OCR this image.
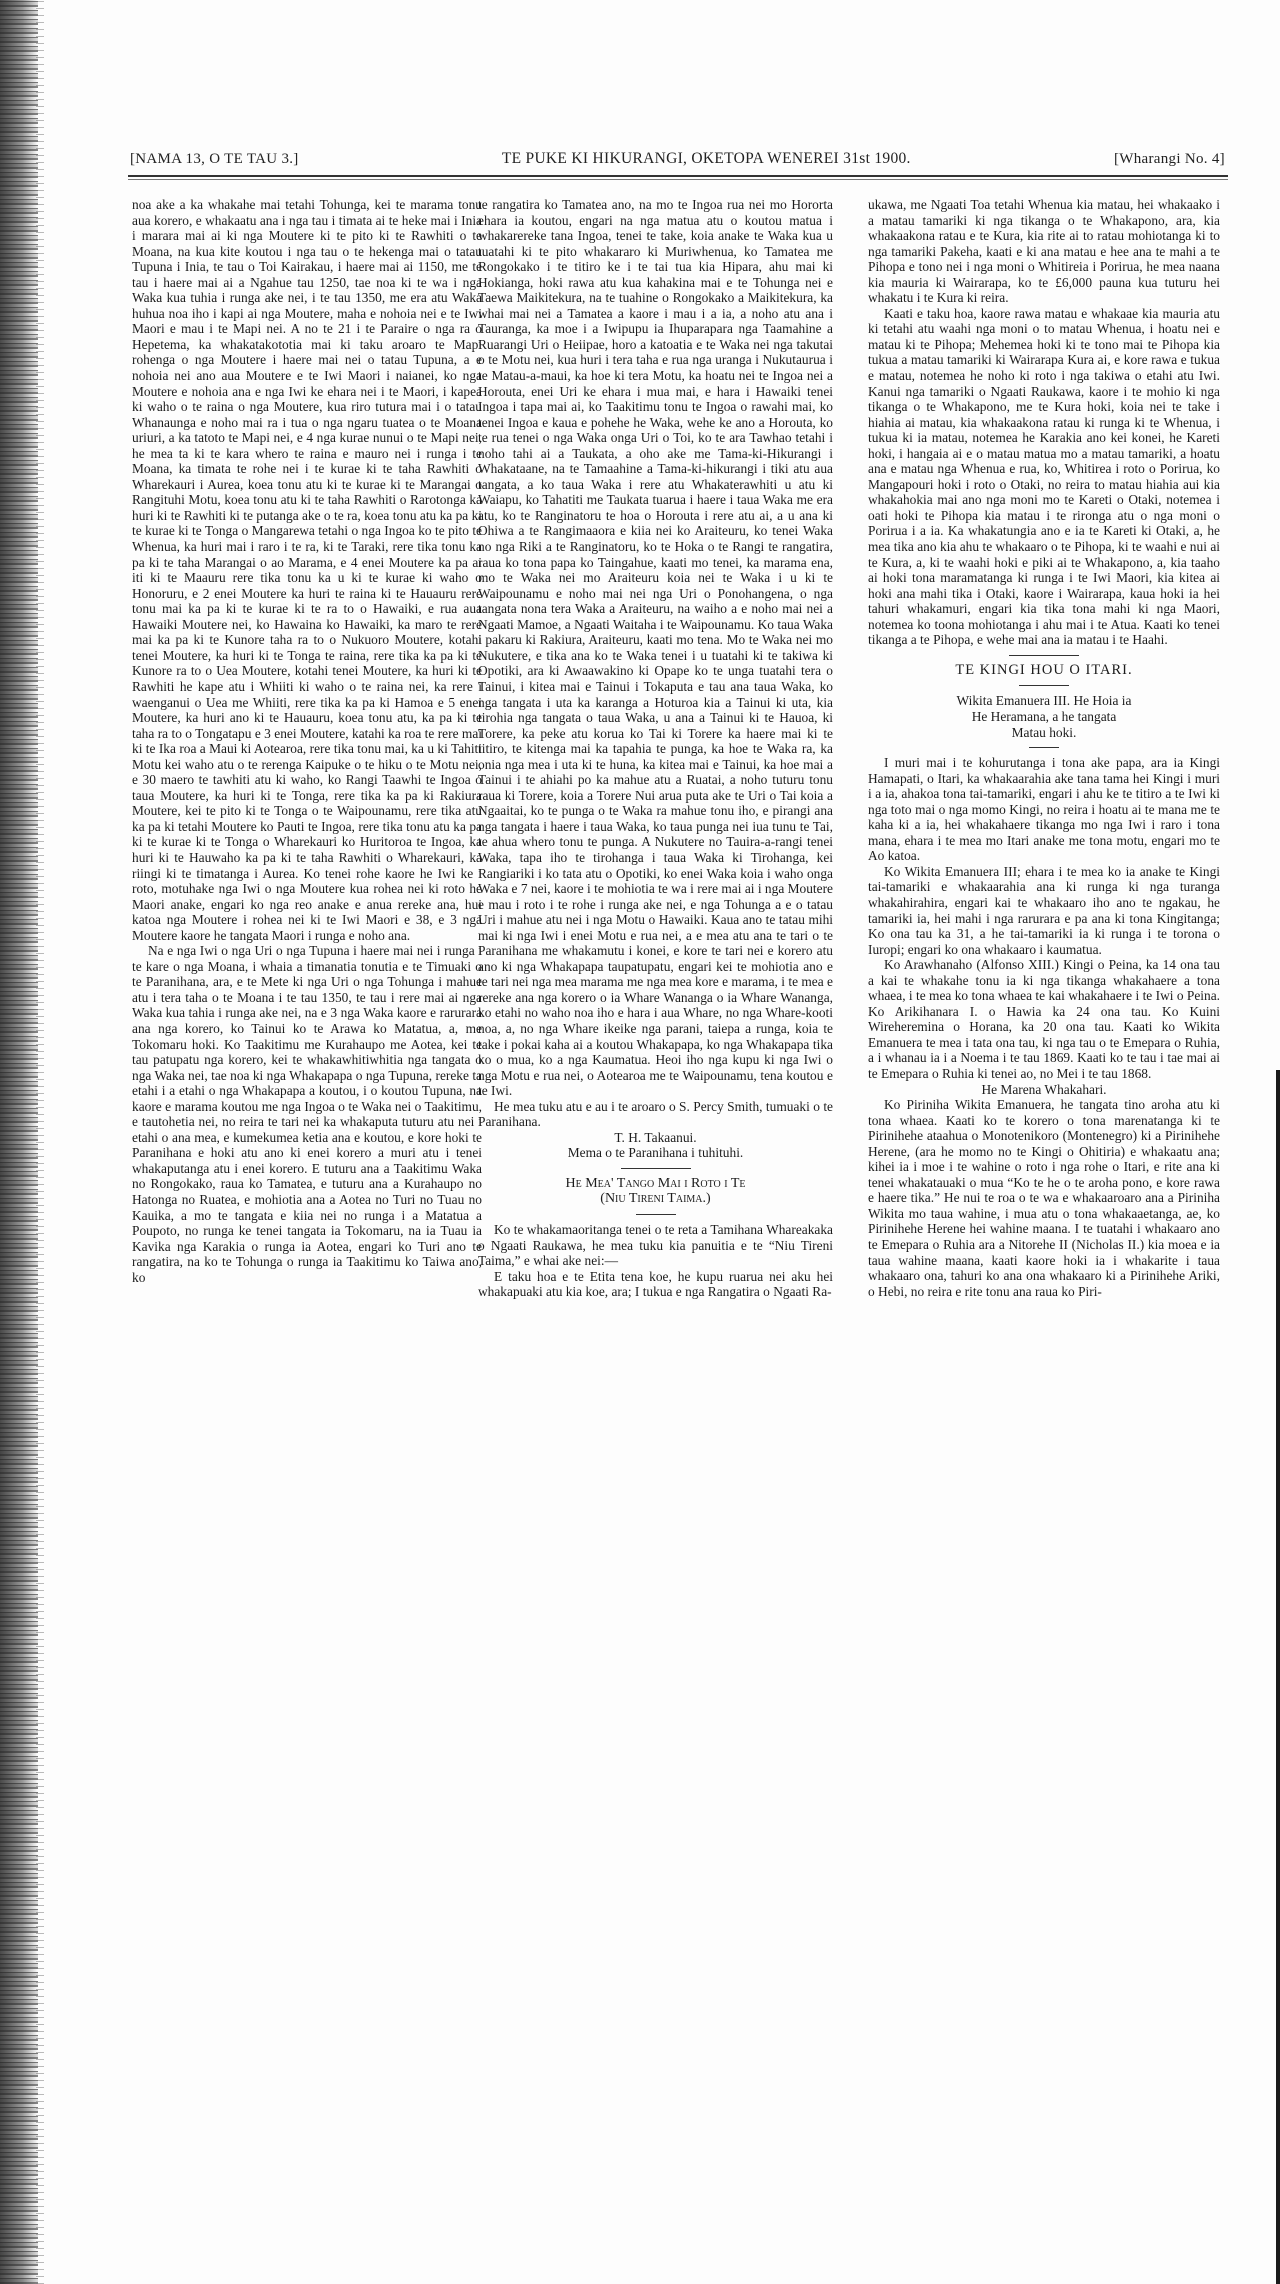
[NAMA 13, O TE TAU 3.]	TE PUKE KI HIKURANGI, OKETOPA WENEREI 31st 1900.	[Wharangi No. 4]

noa ake a ka whakahe mai tetahi Tohunga, kei te marama tonu aua korero, e whakaatu ana i nga tau i timata ai te heke mai i Inia i marara mai ai ki nga Moutere ki te pito ki te Rawhiti o te Moana, na kua kite koutou i nga tau o te hekenga mai o tatau Tupuna i Inia, te tau o Toi Kairakau, i haere mai ai 1150, me te tau i haere mai ai a Ngahue tau 1250, tae noa ki te wa i nga Waka kua tuhia i runga ake nei, i te tau 1350, me era atu Waka huhua noa iho i kapi ai nga Moutere, maha e nohoia nei e te Iwi Maori e mau i te Mapi nei. A no te 21 i te Paraire o nga ra o Hepetema, ka whakatakototia mai ki taku aroaro te Mapi rohenga o nga Moutere i haere mai nei o tatau Tupuna, a e nohoia nei ano aua Moutere e te Iwi Maori i naianei, ko nga Moutere e nohoia ana e nga Iwi ke ehara nei i te Maori, i kapea ki waho o te raina o nga Moutere, kua riro tutura mai i o tatau Whanaunga e noho mai ra i tua o nga ngaru tuatea o te Moana uriuri, a ka tatoto te Mapi nei, e 4 nga kurae nunui o te Mapi nei, he mea ta ki te kara whero te raina e mauro nei i runga i te Moana, ka timata te rohe nei i te kurae ki te taha Rawhiti o Wharekauri i Aurea, koea tonu atu ki te kurae ki te Marangai o Rangituhi Motu, koea tonu atu ki te taha Rawhiti o Rarotonga ka huri ki te Rawhiti ki te putanga ake o te ra, koea tonu atu ka pa ki te kurae ki te Tonga o Mangarewa tetahi o nga Ingoa ko te pito te Whenua, ka huri mai i raro i te ra, ki te Taraki, rere tika tonu ka pa ki te taha Marangai o ao Marama, e 4 enei Moutere ka pa ai iti ki te Maauru rere tika tonu ka u ki te kurae ki waho o Honoruru, e 2 enei Moutere ka huri te raina ki te Hauauru rere tonu mai ka pa ki te kurae ki te ra to o Hawaiki, e rua aua Hawaiki Moutere nei, ko Hawaina ko Hawaiki, ka maro te rere mai ka pa ki te Kunore taha ra to o Nukuoro Moutere, kotahi tenei Moutere, ka huri ki te Tonga te raina, rere tika ka pa ki te Kunore ra to o Uea Moutere, kotahi tenei Moutere, ka huri ki te Rawhiti he kape atu i Whiiti ki waho o te raina nei, ka rere i waenganui o Uea me Whiiti, rere tika ka pa ki Hamoa e 5 enei Moutere, ka huri ano ki te Hauauru, koea tonu atu, ka pa ki te taha ra to o Tongatapu e 3 enei Moutere, katahi ka roa te rere mai ki te Ika roa a Maui ki Aotearoa, rere tika tonu mai, ka u ki Tahiti Motu kei waho atu o te rerenga Kaipuke o te hiku o te Motu nei, e 30 maero te tawhiti atu ki waho, ko Rangi Taawhi te Ingoa o taua Moutere, ka huri ki te Tonga, rere tika ka pa ki Rakiura Moutere, kei te pito ki te Tonga o te Waipounamu, rere tika atu ka pa ki tetahi Moutere ko Pauti te Ingoa, rere tika tonu atu ka pa ki te kurae ki te Tonga o Wharekauri ko Huritoroa te Ingoa, ka huri ki te Hauwaho ka pa ki te taha Rawhiti o Wharekauri, ka riingi ki te timatanga i Aurea. Ko tenei rohe kaore he Iwi ke i roto, motuhake nga Iwi o nga Moutere kua rohea nei ki roto he Maori anake, engari ko nga reo anake e anua rereke ana, hui katoa nga Moutere i rohea nei ki te Iwi Maori e 38, e 3 nga Moutere kaore he tangata Maori i runga e noho ana.

Na e nga Iwi o nga Uri o nga Tupuna i haere mai nei i runga i te kare o nga Moana, i whaia a timanatia tonutia e te Timuaki o te Paranihana, ara, e te Mete ki nga Uri o nga Tohunga i mahue atu i tera taha o te Moana i te tau 1350, te tau i rere mai ai nga Waka kua tahia i runga ake nei, na e 3 nga Waka kaore e rarurara ana nga korero, ko Tainui ko te Arawa ko Matatua, a, me Tokomaru hoki. Ko Taakitimu me Kurahaupo me Aotea, kei te tau patupatu nga korero, kei te whakawhitiwhitia nga tangata o nga Waka nei, tae noa ki nga Whakapapa o nga Tupuna, rereke ta etahi i a etahi o nga Whakapapa a koutou, i o koutou Tupuna, na kaore e marama koutou me nga Ingoa o te Waka nei o Taakitimu, e tautohetia nei, no reira te tari nei ka whakaputa tuturu atu nei i etahi o ana mea, e kumekumea ketia ana e koutou, e kore hoki te Paranihana e hoki atu ano ki enei korero a muri atu i tenei whakaputanga atu i enei korero. E tuturu ana a Taakitimu Waka no Rongokako, raua ko Tamatea, e tuturu ana a Kurahaupo no Hatonga no Ruatea, e mohiotia ana a Aotea no Turi no Tuau no Kauika, a mo te tangata e kiia nei no runga i a Matatua a Poupoto, no runga ke tenei tangata ia Tokomaru, na ia Tuau ia Kavika nga Karakia o runga ia Aotea, engari ko Turi ano te rangatira, na ko te Tohunga o runga ia Taakitimu ko Taiwa ano, ko

te rangatira ko Tamatea ano, na mo te Ingoa rua nei mo Hororta ehara ia koutou, engari na nga matua atu o koutou matua i whakarereke tana Ingoa, tenei te take, koia anake te Waka kua u tuatahi ki te pito whakararo ki Muriwhenua, ko Tamatea me Rongokako i te titiro ke i te tai tua kia Hipara, ahu mai ki Hokianga, hoki rawa atu kua kahakina mai e te Tohunga nei e Taewa Maikitekura, na te tuahine o Rongokako a Maikitekura, ka whai mai nei a Tamatea a kaore i mau i a ia, a noho atu ana i Tauranga, ka moe i a Iwipupu ia Ihuparapara nga Taamahine a Ruarangi Uri o Heiipae, horo a katoatia e te Waka nei nga takutai o te Motu nei, kua huri i tera taha e rua nga uranga i Nukutaurua i te Matau-a-maui, ka hoe ki tera Motu, ka hoatu nei te Ingoa nei a Horouta, enei Uri ke ehara i mua mai, e hara i Hawaiki tenei Ingoa i tapa mai ai, ko Taakitimu tonu te Ingoa o rawahi mai, ko tenei Ingoa e kaua e pohehe he Waka, wehe ke ano a Horouta, ko te rua tenei o nga Waka onga Uri o Toi, ko te ara Tawhao tetahi i noho tahi ai a Taukata, a oho ake me Tama-ki-Hikurangi i Whakataane, na te Tamaahine a Tama-ki-hikurangi i tiki atu aua tangata, a ko taua Waka i rere atu Whakaterawhiti u atu ki Waiapu, ko Tahatiti me Taukata tuarua i haere i taua Waka me era atu, ko te Ranginatoru te hoa o Horouta i rere atu ai, a u ana ki Ohiwa a te Rangimaaora e kiia nei ko Araiteuru, ko tenei Waka no nga Riki a te Ranginatoru, ko te Hoka o te Rangi te rangatira, raua ko tona papa ko Taingahue, kaati mo tenei, ka marama ena, mo te Waka nei mo Araiteuru koia nei te Waka i u ki te Waipounamu e noho mai nei nga Uri o Ponohangena, o nga tangata nona tera Waka a Araiteuru, na waiho a e noho mai nei a Ngaati Mamoe, a Ngaati Waitaha i te Waipounamu. Ko taua Waka i pakaru ki Rakiura, Araiteuru, kaati mo tena. Mo te Waka nei mo Nukutere, e tika ana ko te Waka tenei i u tuatahi ki te takiwa ki Opotiki, ara ki Awaawakino ki Opape ko te unga tuatahi tera o Tainui, i kitea mai e Tainui i Tokaputa e tau ana taua Waka, ko nga tangata i uta ka karanga a Hoturoa kia a Tainui ki uta, kia tirohia nga tangata o taua Waka, u ana a Tainui ki te Hauoa, ki Torere, ka peke atu korua ko Tai ki Torere ka haere mai ki te titiro, te kitenga mai ka tapahia te punga, ka hoe te Waka ra, ka onia nga mea i uta ki te huna, ka kitea mai e Tainui, ka hoe mai a Tainui i te ahiahi po ka mahue atu a Ruatai, a noho tuturu tonu raua ki Torere, koia a Torere Nui arua puta ake te Uri o Tai koia a Ngaaitai, ko te punga o te Waka ra mahue tonu iho, e pirangi ana nga tangata i haere i taua Waka, ko taua punga nei iua tunu te Tai, te ahua whero tonu te punga. A Nukutere no Tauira-a-rangi tenei Waka, tapa iho te tirohanga i taua Waka ki Tirohanga, kei Rangiariki i ko tata atu o Opotiki, ko enei Waka koia i waho onga Waka e 7 nei, kaore i te mohiotia te wa i rere mai ai i nga Moutere e mau i roto i te rohe i runga ake nei, e nga Tohunga a e o tatau Uri i mahue atu nei i nga Motu o Hawaiki. Kaua ano te tatau mihi mai ki nga Iwi i enei Motu e rua nei, a e mea atu ana te tari o te Paranihana me whakamutu i konei, e kore te tari nei e korero atu ano ki nga Whakapapa taupatupatu, engari kei te mohiotia ano e te tari nei nga mea marama me nga mea kore e marama, i te mea e rereke ana nga korero o ia Whare Wananga o ia Whare Wananga, ko etahi no waho noa iho e hara i aua Whare, no nga Whare-kooti noa, a, no nga Whare ikeike nga parani, taiepa a runga, koia te take i pokai kaha ai a koutou Whakapapa, ko nga Whakapapa tika ko o mua, ko a nga Kaumatua. Heoi iho nga kupu ki nga Iwi o nga Motu e rua nei, o Aotearoa me te Waipounamu, tena koutou e te Iwi.

He mea tuku atu e au i te aroaro o S. Percy Smith, tumuaki o te Paranihana.

T. H. Takaanui.

Mema o te Paranihana i tuhituhi.

He Mea' Tango Mai i Roto i Te
(Niu Tireni Taima.)

Ko te whakamaoritanga tenei o te reta a Tamihana Whareakaka o Ngaati Raukawa, he mea tuku kia panuitia e te “Niu Tireni Taima,” e whai ake nei:—

E taku hoa e te Etita tena koe, he kupu ruarua nei aku hei whakapuaki atu kia koe, ara; I tukua e nga Rangatira o Ngaati Ra-

ukawa, me Ngaati Toa tetahi Whenua kia matau, hei whakaako i a matau tamariki ki nga tikanga o te Whakapono, ara, kia whakaakona ratau e te Kura, kia rite ai to ratau mohiotanga ki to nga tamariki Pakeha, kaati e ki ana matau e hee ana te mahi a te Pihopa e tono nei i nga moni o Whitireia i Porirua, he mea naana kia mauria ki Wairarapa, ko te £6,000 pauna kua tuturu hei whakatu i te Kura ki reira.

Kaati e taku hoa, kaore rawa matau e whakaae kia mauria atu ki tetahi atu waahi nga moni o to matau Whenua, i hoatu nei e matau ki te Pihopa; Mehemea hoki ki te tono mai te Pihopa kia tukua a matau tamariki ki Wairarapa Kura ai, e kore rawa e tukua e matau, notemea he noho ki roto i nga takiwa o etahi atu Iwi. Kanui nga tamariki o Ngaati Raukawa, kaore i te mohio ki nga tikanga o te Whakapono, me te Kura hoki, koia nei te take i hiahia ai matau, kia whakaakona ratau ki runga ki te Whenua, i tukua ki ia matau, notemea he Karakia ano kei konei, he Kareti hoki, i hangaia ai e o matau matua mo a matau tamariki, a hoatu ana e matau nga Whenua e rua, ko, Whitirea i roto o Porirua, ko Mangapouri hoki i roto o Otaki, no reira to matau hiahia aui kia whakahokia mai ano nga moni mo te Kareti o Otaki, notemea i oati hoki te Pihopa kia matau i te rironga atu o nga moni o Porirua i a ia. Ka whakatungia ano e ia te Kareti ki Otaki, a, he mea tika ano kia ahu te whakaaro o te Pihopa, ki te waahi e nui ai te Kura, a, ki te waahi hoki e piki ai te Whakapono, a, kia taaho ai hoki tona maramatanga ki runga i te Iwi Maori, kia kitea ai hoki ana mahi tika i Otaki, kaore i Wairarapa, kaua hoki ia hei tahuri whakamuri, engari kia tika tona mahi ki nga Maori, notemea ko toona mohiotanga i ahu mai i te Atua. Kaati ko tenei tikanga a te Pihopa, e wehe mai ana ia matau i te Haahi.

TE KINGI HOU O ITARI.
Wikita Emanuera III. He Hoia ia
He Heramana, a he tangata
Matau hoki.

I muri mai i te kohurutanga i tona ake papa, ara ia Kingi Hamapati, o Itari, ka whakaarahia ake tana tama hei Kingi i muri i a ia, ahakoa tona tai-tamariki, engari i ahu ke te titiro a te Iwi ki nga toto mai o nga momo Kingi, no reira i hoatu ai te mana me te kaha ki a ia, hei whakahaere tikanga mo nga Iwi i raro i tona mana, ehara i te mea mo Itari anake me tona motu, engari mo te Ao katoa.

Ko Wikita Emanuera III; ehara i te mea ko ia anake te Kingi tai-tamariki e whakaarahia ana ki runga ki nga turanga whakahirahira, engari kai te whakaaro iho ano te ngakau, he tamariki ia, hei mahi i nga rarurara e pa ana ki tona Kingitanga; Ko ona tau ka 31, a he tai-tamariki ia ki runga i te torona o Iuropi; engari ko ona whakaaro i kaumatua.

Ko Arawhanaho (Alfonso XIII.) Kingi o Peina, ka 14 ona tau a kai te whakahe tonu ia ki nga tikanga whakahaere a tona whaea, i te mea ko tona whaea te kai whakahaere i te Iwi o Peina. Ko Arikihanara I. o Hawia ka 24 ona tau. Ko Kuini Wireheremina o Horana, ka 20 ona tau. Kaati ko Wikita Emanuera te mea i tata ona tau, ki nga tau o te Emepara o Ruhia, a i whanau ia i a Noema i te tau 1869. Kaati ko te tau i tae mai ai te Emepara o Ruhia ki tenei ao, no Mei i te tau 1868.

He Marena Whakahari.

Ko Piriniha Wikita Emanuera, he tangata tino aroha atu ki tona whaea. Kaati ko te korero o tona marenatanga ki te Pirinihehe ataahua o Monotenikoro (Montenegro) ki a Pirinihehe Herene, (ara he momo no te Kingi o Ohitiria) e whakaatu ana; kihei ia i moe i te wahine o roto i nga rohe o Itari, e rite ana ki tenei whakatauaki o mua “Ko te he o te aroha pono, e kore rawa e haere tika.” He nui te roa o te wa e whakaaroaro ana a Piriniha Wikita mo taua wahine, i mua atu o tona whakaaetanga, ae, ko Pirinihehe Herene hei wahine maana. I te tuatahi i whakaaro ano te Emepara o Ruhia ara a Nitorehe II (Nicholas II.) kia moea e ia taua wahine maana, kaati kaore hoki ia i whakarite i taua whakaaro ona, tahuri ko ana ona whakaaro ki a Pirinihehe Ariki, o Hebi, no reira e rite tonu ana raua ko Piri-
